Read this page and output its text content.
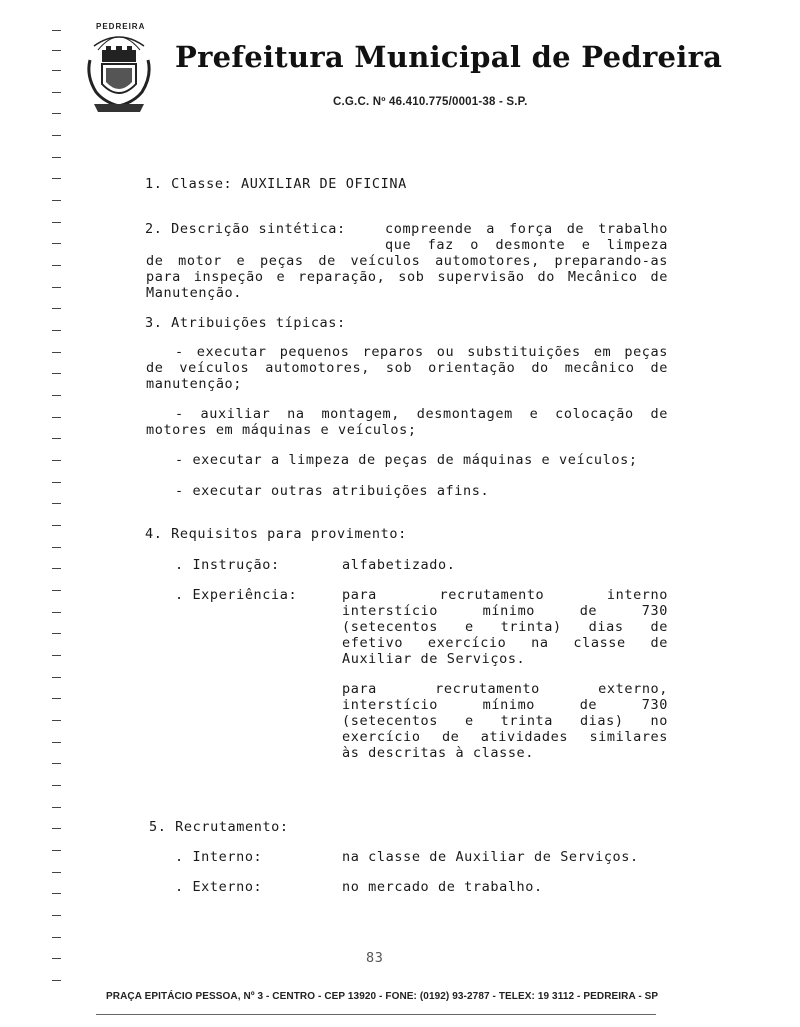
PEDREIRA
Prefeitura Municipal de Pedreira
C.G.C. Nº 46.410.775/0001-38 - S.P.
1. Classe: AUXILIAR DE OFICINA
2. Descrição sintética:	compreende a força de trabalho
que faz o desmonte e limpeza
de motor e peças de veículos automotores, preparando-as
para inspeção e reparação, sob supervisão do Mecânico de
Manutenção.
3. Atribuições típicas:
- executar pequenos reparos ou substituições em peças
de veículos automotores, sob orientação do mecânico de
manutenção;
- auxiliar na montagem, desmontagem e colocação de
motores em máquinas e veículos;
- executar a limpeza de peças de máquinas e veículos;
- executar outras atribuições afins.
4. Requisitos para provimento:
. Instrução:	alfabetizado.
. Experiência:	para recrutamento interno
interstício mínimo de 730
(setecentos e trinta) dias de
efetivo exercício na classe de
Auxiliar de Serviços.
para recrutamento externo,
interstício mínimo de 730
(setecentos e trinta dias) no
exercício de atividades similares
às descritas à classe.
5. Recrutamento:
. Interno:	na classe de Auxiliar de Serviços.
. Externo:	no mercado de trabalho.
83
PRAÇA EPITÁCIO PESSOA, Nº 3 - CENTRO - CEP 13920 - FONE: (0192) 93-2787 - TELEX: 19 3112 - PEDREIRA - SP
